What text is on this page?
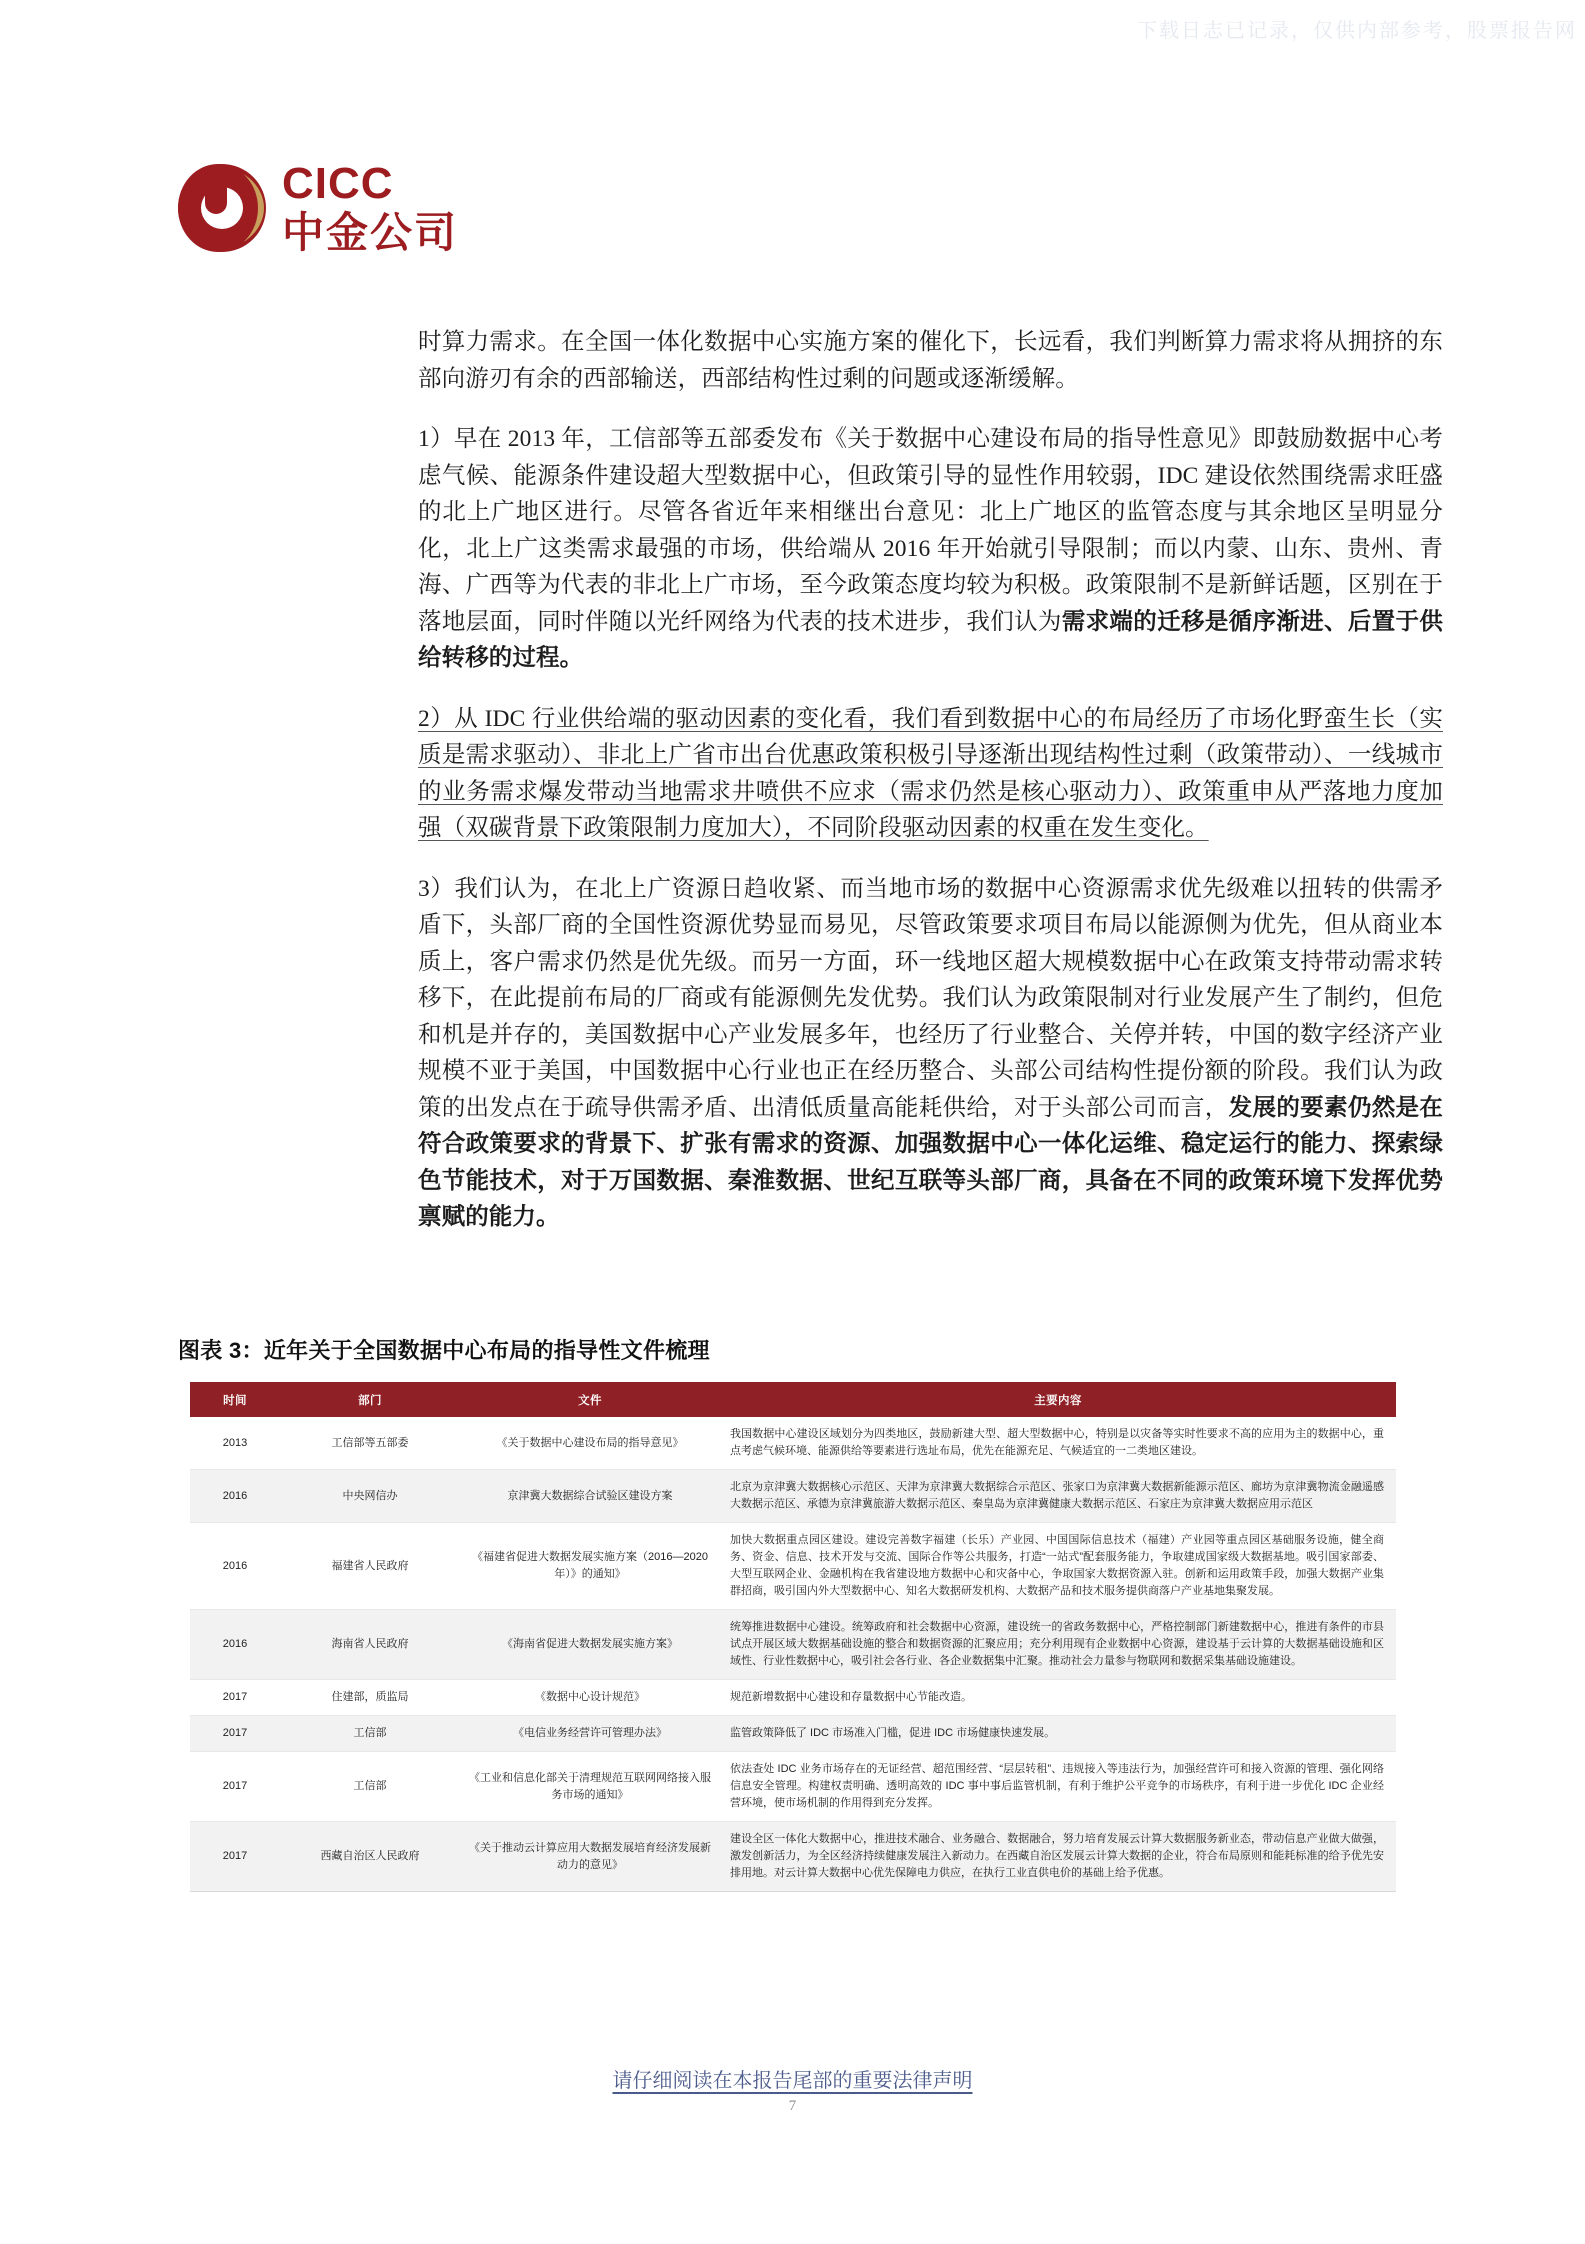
下载日志已记录，仅供内部参考，股票报告网
CICC
中金公司

时算力需求。在全国一体化数据中心实施方案的催化下，长远看，我们判断算力需求将从拥挤的东部向游刃有余的西部输送，西部结构性过剩的问题或逐渐缓解。

1）早在 2013 年，工信部等五部委发布《关于数据中心建设布局的指导性意见》即鼓励数据中心考虑气候、能源条件建设超大型数据中心，但政策引导的显性作用较弱，IDC 建设依然围绕需求旺盛的北上广地区进行。尽管各省近年来相继出台意见：北上广地区的监管态度与其余地区呈明显分化，北上广这类需求最强的市场，供给端从 2016 年开始就引导限制；而以内蒙、山东、贵州、青海、广西等为代表的非北上广市场，至今政策态度均较为积极。政策限制不是新鲜话题，区别在于落地层面，同时伴随以光纤网络为代表的技术进步，我们认为需求端的迁移是循序渐进、后置于供给转移的过程。

2）从 IDC 行业供给端的驱动因素的变化看，我们看到数据中心的布局经历了市场化野蛮生长（实质是需求驱动）、非北上广省市出台优惠政策积极引导逐渐出现结构性过剩（政策带动）、一线城市的业务需求爆发带动当地需求井喷供不应求（需求仍然是核心驱动力）、政策重申从严落地力度加强（双碳背景下政策限制力度加大），不同阶段驱动因素的权重在发生变化。

3）我们认为，在北上广资源日趋收紧、而当地市场的数据中心资源需求优先级难以扭转的供需矛盾下，头部厂商的全国性资源优势显而易见，尽管政策要求项目布局以能源侧为优先，但从商业本质上，客户需求仍然是优先级。而另一方面，环一线地区超大规模数据中心在政策支持带动需求转移下，在此提前布局的厂商或有能源侧先发优势。我们认为政策限制对行业发展产生了制约，但危和机是并存的，美国数据中心产业发展多年，也经历了行业整合、关停并转，中国的数字经济产业规模不亚于美国，中国数据中心行业也正在经历整合、头部公司结构性提份额的阶段。我们认为政策的出发点在于疏导供需矛盾、出清低质量高能耗供给，对于头部公司而言，发展的要素仍然是在符合政策要求的背景下、扩张有需求的资源、加强数据中心一体化运维、稳定运行的能力、探索绿色节能技术，对于万国数据、秦淮数据、世纪互联等头部厂商，具备在不同的政策环境下发挥优势禀赋的能力。

图表 3：近年关于全国数据中心布局的指导性文件梳理
时间	部门	文件	主要内容
2013	工信部等五部委	《关于数据中心建设布局的指导意见》	我国数据中心建设区域划分为四类地区，鼓励新建大型、超大型数据中心，特别是以灾备等实时性要求不高的应用为主的数据中心，重点考虑气候环境、能源供给等要素进行选址布局，优先在能源充足、气候适宜的一二类地区建设。
2016	中央网信办	京津冀大数据综合试验区建设方案	北京为京津冀大数据核心示范区、天津为京津冀大数据综合示范区、张家口为京津冀大数据新能源示范区、廊坊为京津冀物流金融遥感大数据示范区、承德为京津冀旅游大数据示范区、秦皇岛为京津冀健康大数据示范区、石家庄为京津冀大数据应用示范区
2016	福建省人民政府	《福建省促进大数据发展实施方案（2016—2020 年）》的通知》	加快大数据重点园区建设。建设完善数字福建（长乐）产业园、中国国际信息技术（福建）产业园等重点园区基础服务设施，健全商务、资金、信息、技术开发与交流、国际合作等公共服务，打造“一站式”配套服务能力，争取建成国家级大数据基地。吸引国家部委、大型互联网企业、金融机构在我省建设地方数据中心和灾备中心，争取国家大数据资源入驻。创新和运用政策手段，加强大数据产业集群招商，吸引国内外大型数据中心、知名大数据研发机构、大数据产品和技术服务提供商落户产业基地集聚发展。
2016	海南省人民政府	《海南省促进大数据发展实施方案》	统筹推进数据中心建设。统筹政府和社会数据中心资源，建设统一的省政务数据中心，严格控制部门新建数据中心，推进有条件的市县试点开展区域大数据基础设施的整合和数据资源的汇聚应用；充分利用现有企业数据中心资源，建设基于云计算的大数据基础设施和区域性、行业性数据中心，吸引社会各行业、各企业数据集中汇聚。推动社会力量参与物联网和数据采集基础设施建设。
2017	住建部，质监局	《数据中心设计规范》	规范新增数据中心建设和存量数据中心节能改造。
2017	工信部	《电信业务经营许可管理办法》	监管政策降低了 IDC 市场准入门槛，促进 IDC 市场健康快速发展。
2017	工信部	《工业和信息化部关于清理规范互联网网络接入服务市场的通知》	依法查处 IDC 业务市场存在的无证经营、超范围经营、“层层转租”、违规接入等违法行为，加强经营许可和接入资源的管理、强化网络信息安全管理。构建权责明确、透明高效的 IDC 事中事后监管机制，有利于维护公平竞争的市场秩序，有利于进一步优化 IDC 企业经营环境，使市场机制的作用得到充分发挥。
2017	西藏自治区人民政府	《关于推动云计算应用大数据发展培育经济发展新动力的意见》	建设全区一体化大数据中心，推进技术融合、业务融合、数据融合，努力培育发展云计算大数据服务新业态，带动信息产业做大做强，激发创新活力，为全区经济持续健康发展注入新动力。在西藏自治区发展云计算大数据的企业，符合布局原则和能耗标准的给予优先安排用地。对云计算大数据中心优先保障电力供应，在执行工业直供电价的基础上给予优惠。
请仔细阅读在本报告尾部的重要法律声明
7
